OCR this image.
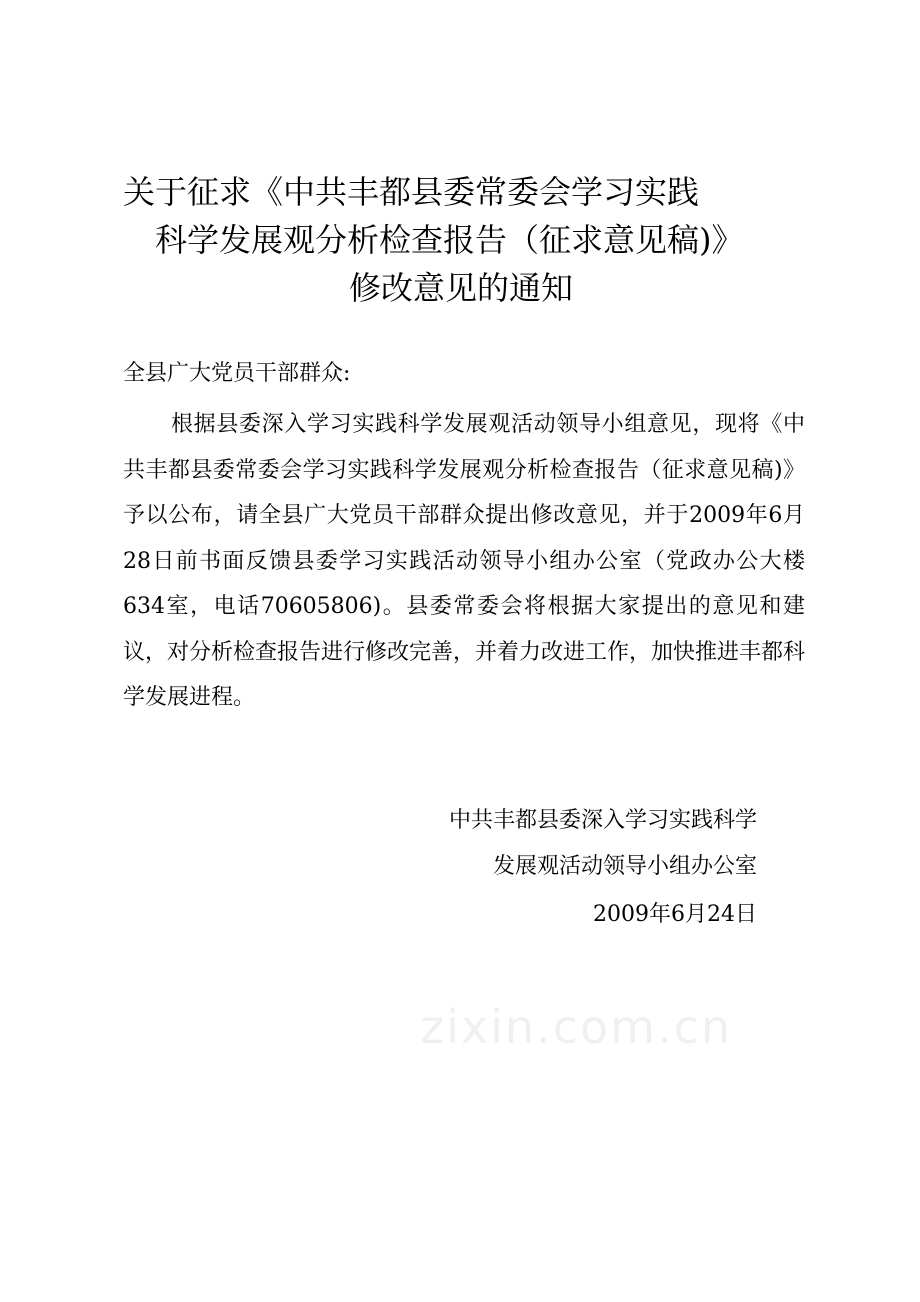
关于征求《中共丰都县委常委会学习实践
科学发展观分析检查报告（征求意见稿)》
修改意见的通知
全县广大党员干部群众:

根据县委深入学习实践科学发展观活动领导小组意见，现将《中共丰都县委常委会学习实践科学发展观分析检查报告（征求意见稿)》予以公布，请全县广大党员干部群众提出修改意见，并于2009年6月28日前书面反馈县委学习实践活动领导小组办公室（党政办公大楼634室，电话70605806)。县委常委会将根据大家提出的意见和建议，对分析检查报告进行修改完善，并着力改进工作，加快推进丰都科学发展进程。

中共丰都县委深入学习实践科学
发展观活动领导小组办公室
2009年6月24日
zixin.com.cn
